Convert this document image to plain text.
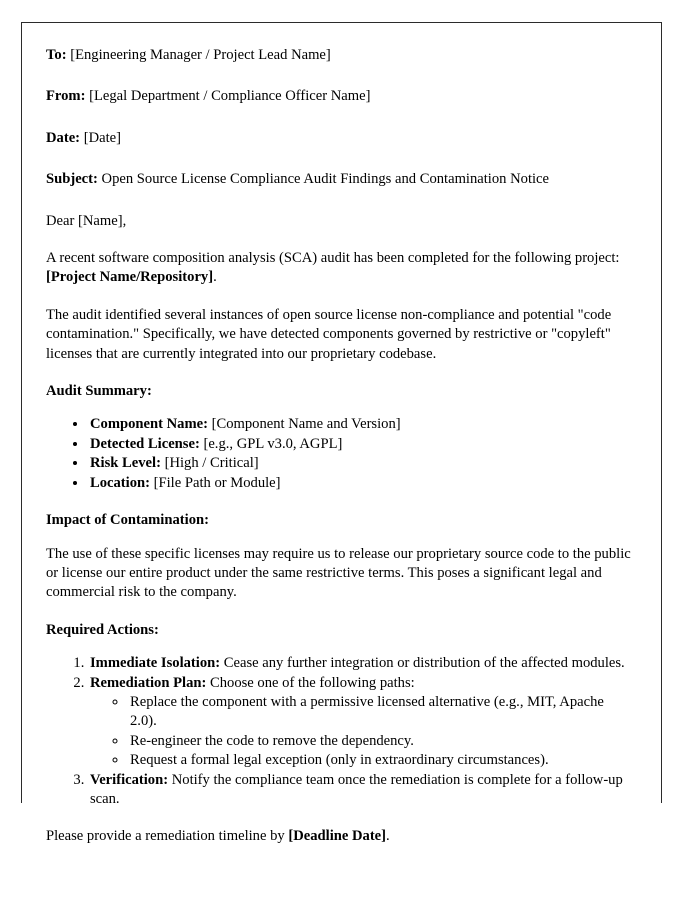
To: [Engineering Manager / Project Lead Name]
From: [Legal Department / Compliance Officer Name]
Date: [Date]
Subject: Open Source License Compliance Audit Findings and Contamination Notice

Dear [Name],

A recent software composition analysis (SCA) audit has been completed for the following project: [Project Name/Repository].

The audit identified several instances of open source license non-compliance and potential "code contamination." Specifically, we have detected components governed by restrictive or "copyleft" licenses that are currently integrated into our proprietary codebase.

Audit Summary:
• Component Name: [Component Name and Version]
• Detected License: [e.g., GPL v3.0, AGPL]
• Risk Level: [High / Critical]
• Location: [File Path or Module]
Impact of Contamination:

The use of these specific licenses may require us to release our proprietary source code to the public or license our entire product under the same restrictive terms. This poses a significant legal and commercial risk to the company.

Required Actions:
1. Immediate Isolation: Cease any further integration or distribution of the affected modules.
2. Remediation Plan: Choose one of the following paths:
◦ Replace the component with a permissive licensed alternative (e.g., MIT, Apache 2.0).
◦ Re-engineer the code to remove the dependency.
◦ Request a formal legal exception (only in extraordinary circumstances).
3. Verification: Notify the compliance team once the remediation is complete for a follow-up scan.

Please provide a remediation timeline by [Deadline Date].
